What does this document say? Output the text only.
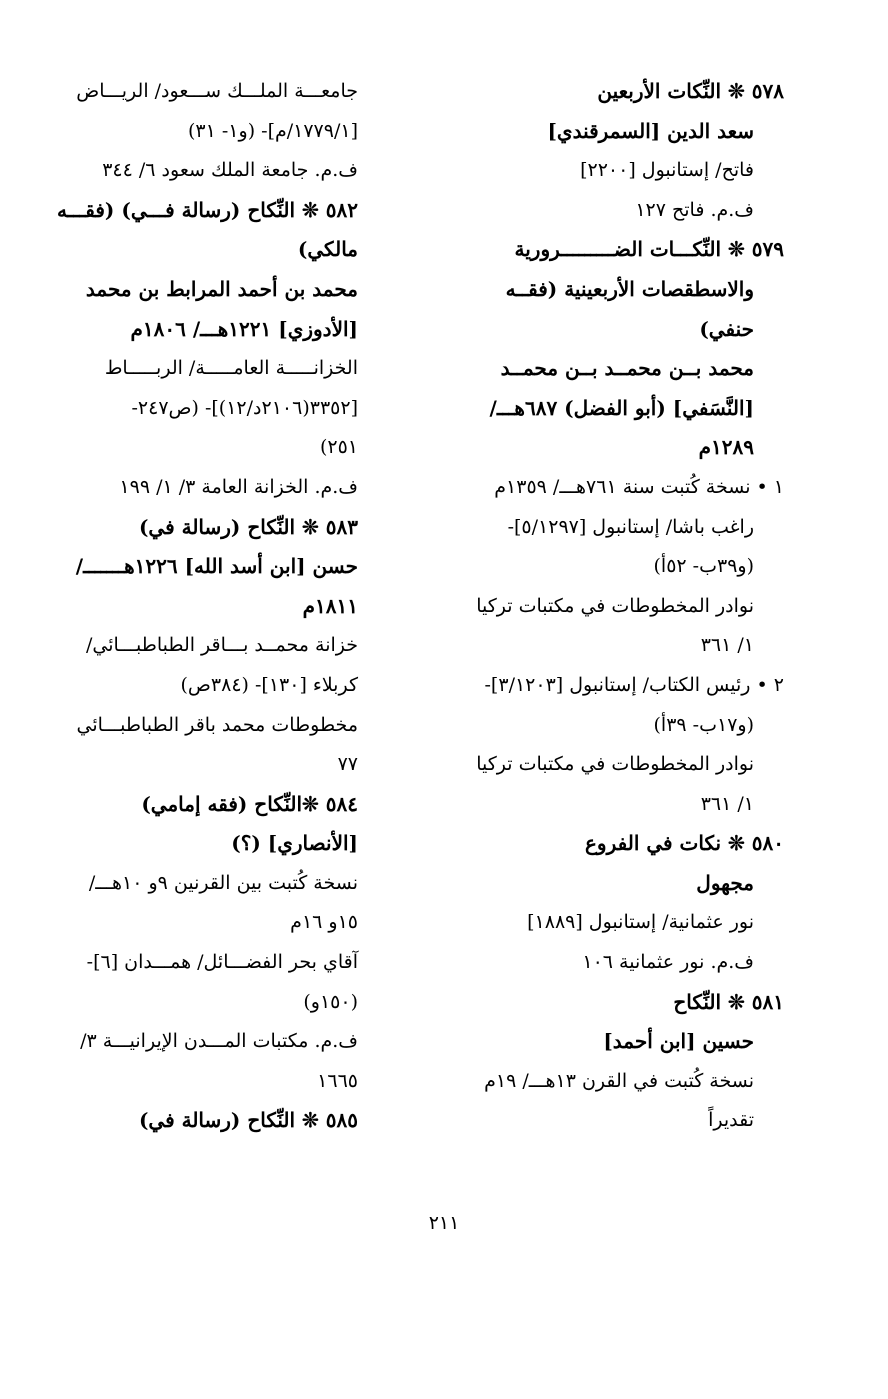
٥٧٨ ❊ النِّكات الأربعين
سعد الدين [السمرقندي]
فاتح/ إستانبول [٢٢٠٠]
ف.م. فاتح ١٢٧
٥٧٩ ❊ النِّكـــات الضـــــــــرورية
والاسطقصات الأربعينية (فقــه
حنفي)
محمد بــن محمــد بــن محمــد
[النَّسَفي] (أبو الفضل) ٦٨٧هـــ/
١٢٨٩م
١ • نسخة كُتبت سنة ٧٦١هـــ/ ١٣٥٩م
راغب باشا/ إستانبول [٥/١٢٩٧]-
(و٣٩ب- ٥٢أ)
نوادر المخطوطات في مكتبات تركيا
١/ ٣٦١
٢ • رئيس الكتاب/ إستانبول [٣/١٢٠٣]-
(و١٧ب- ٣٩أ)
نوادر المخطوطات في مكتبات تركيا
١/ ٣٦١
٥٨٠ ❊ نكات في الفروع
مجهول
نور عثمانية/ إستانبول [١٨٨٩]
ف.م. نور عثمانية ١٠٦
٥٨١ ❊ النِّكاح
حسين [ابن أحمد]
نسخة كُتبت في القرن ١٣هـــ/ ١٩م
تقديراً
جامعـــة الملـــك ســـعود/ الريـــاض
[١٧٧٩/١/م]- (و١- ٣١)
ف.م. جامعة الملك سعود ٦/ ٣٤٤
٥٨٢ ❊ النِّكاح (رسالة فـــي) (فقـــه
مالكي)
محمد بن أحمد المرابط بن محمد
[الأدوزي] ١٢٢١هـــ/ ١٨٠٦م
الخزانـــــة العامـــــة/ الربـــــاط
[٣٣٥٢(٢١٠٦د/١٢)]- (ص٢٤٧-
٢٥١)
ف.م. الخزانة العامة ٣/ ١/ ١٩٩
٥٨٣ ❊ النِّكاح (رسالة في)
حسن [ابن أسد الله] ١٢٢٦هـــــــ/
١٨١١م
خزانة محمــد بـــاقر الطباطبـــائي/
كربلاء [١٣٠]- (٣٨٤ص)
مخطوطات محمد باقر الطباطبـــائي
٧٧
٥٨٤ ❊النِّكاح (فقه إمامي)
[الأنصاري] (؟)
نسخة كُتبت بين القرنين ٩و ١٠هـــ/
١٥و ١٦م
آقاي بحر الفضـــائل/ همـــدان [٦]-
(١٥٠و)
ف.م. مكتبات المـــدن الإيرانيـــة ٣/
١٦٦٥
٥٨٥ ❊ النِّكاح (رسالة في)
٢١١
